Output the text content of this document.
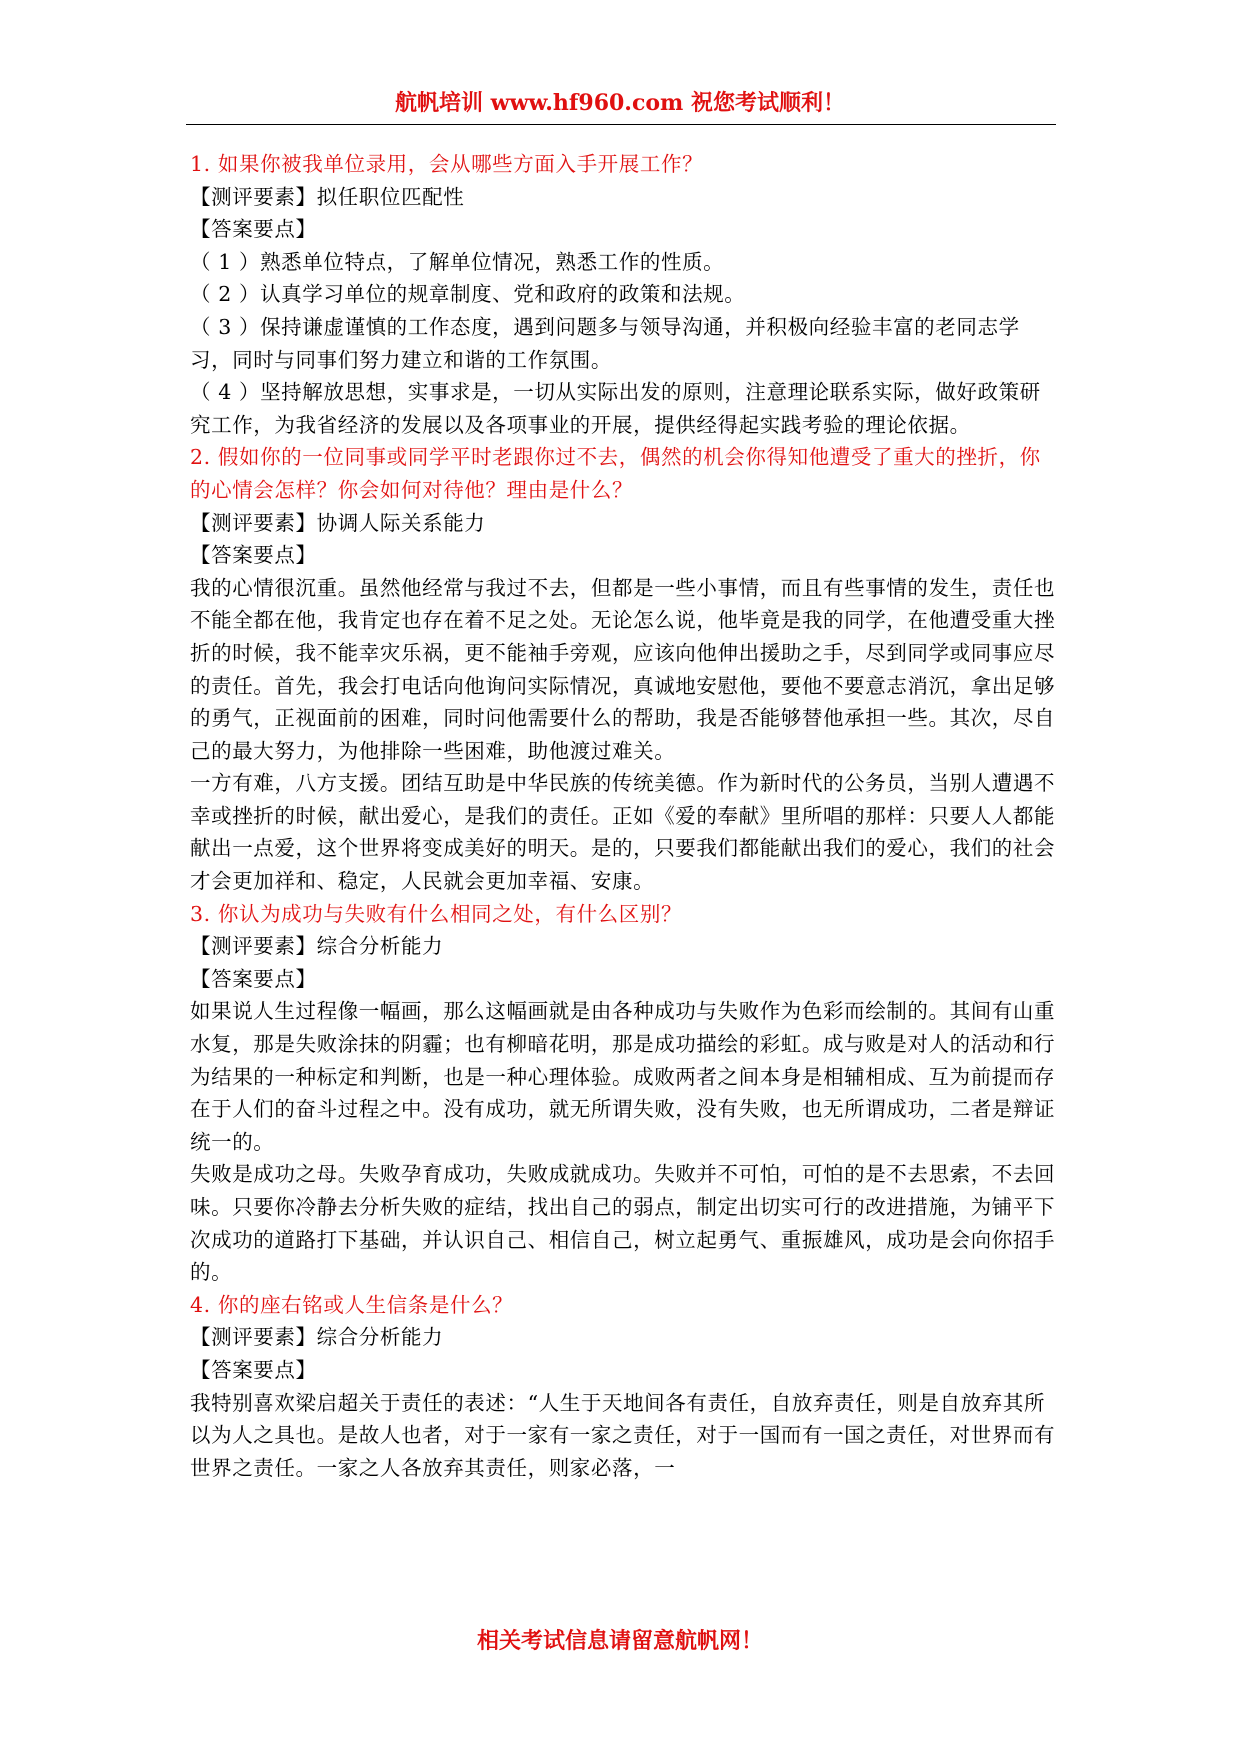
航帆培训 www.hf960.com 祝您考试顺利！

1. 如果你被我单位录用，会从哪些方面入手开展工作？

【测评要素】拟任职位匹配性

【答案要点】

（ 1 ）熟悉单位特点，了解单位情况，熟悉工作的性质。

（ 2 ）认真学习单位的规章制度、党和政府的政策和法规。

（ 3 ）保持谦虚谨慎的工作态度，遇到问题多与领导沟通，并积极向经验丰富的老同志学习，同时与同事们努力建立和谐的工作氛围。

（ 4 ）坚持解放思想，实事求是，一切从实际出发的原则，注意理论联系实际，做好政策研究工作，为我省经济的发展以及各项事业的开展，提供经得起实践考验的理论依据。

2. 假如你的一位同事或同学平时老跟你过不去，偶然的机会你得知他遭受了重大的挫折，你的心情会怎样？你会如何对待他？理由是什么？

【测评要素】协调人际关系能力

【答案要点】

我的心情很沉重。虽然他经常与我过不去，但都是一些小事情，而且有些事情的发生，责任也不能全都在他，我肯定也存在着不足之处。无论怎么说，他毕竟是我的同学，在他遭受重大挫折的时候，我不能幸灾乐祸，更不能袖手旁观，应该向他伸出援助之手，尽到同学或同事应尽的责任。首先，我会打电话向他询问实际情况，真诚地安慰他，要他不要意志消沉，拿出足够的勇气，正视面前的困难，同时问他需要什么的帮助，我是否能够替他承担一些。其次，尽自己的最大努力，为他排除一些困难，助他渡过难关。

一方有难，八方支援。团结互助是中华民族的传统美德。作为新时代的公务员，当别人遭遇不幸或挫折的时候，献出爱心，是我们的责任。正如《爱的奉献》里所唱的那样：只要人人都能献出一点爱，这个世界将变成美好的明天。是的，只要我们都能献出我们的爱心，我们的社会才会更加祥和、稳定，人民就会更加幸福、安康。

3. 你认为成功与失败有什么相同之处，有什么区别？

【测评要素】综合分析能力

【答案要点】

如果说人生过程像一幅画，那么这幅画就是由各种成功与失败作为色彩而绘制的。其间有山重水复，那是失败涂抹的阴霾；也有柳暗花明，那是成功描绘的彩虹。成与败是对人的活动和行为结果的一种标定和判断，也是一种心理体验。成败两者之间本身是相辅相成、互为前提而存在于人们的奋斗过程之中。没有成功，就无所谓失败，没有失败，也无所谓成功，二者是辩证统一的。

失败是成功之母。失败孕育成功，失败成就成功。失败并不可怕，可怕的是不去思索，不去回味。只要你冷静去分析失败的症结，找出自己的弱点，制定出切实可行的改进措施，为铺平下次成功的道路打下基础，并认识自己、相信自己，树立起勇气、重振雄风，成功是会向你招手的。

4. 你的座右铭或人生信条是什么？

【测评要素】综合分析能力

【答案要点】

我特别喜欢梁启超关于责任的表述：“人生于天地间各有责任，自放弃责任，则是自放弃其所以为人之具也。是故人也者，对于一家有一家之责任，对于一国而有一国之责任，对世界而有世界之责任。一家之人各放弃其责任，则家必落，一

相关考试信息请留意航帆网！
